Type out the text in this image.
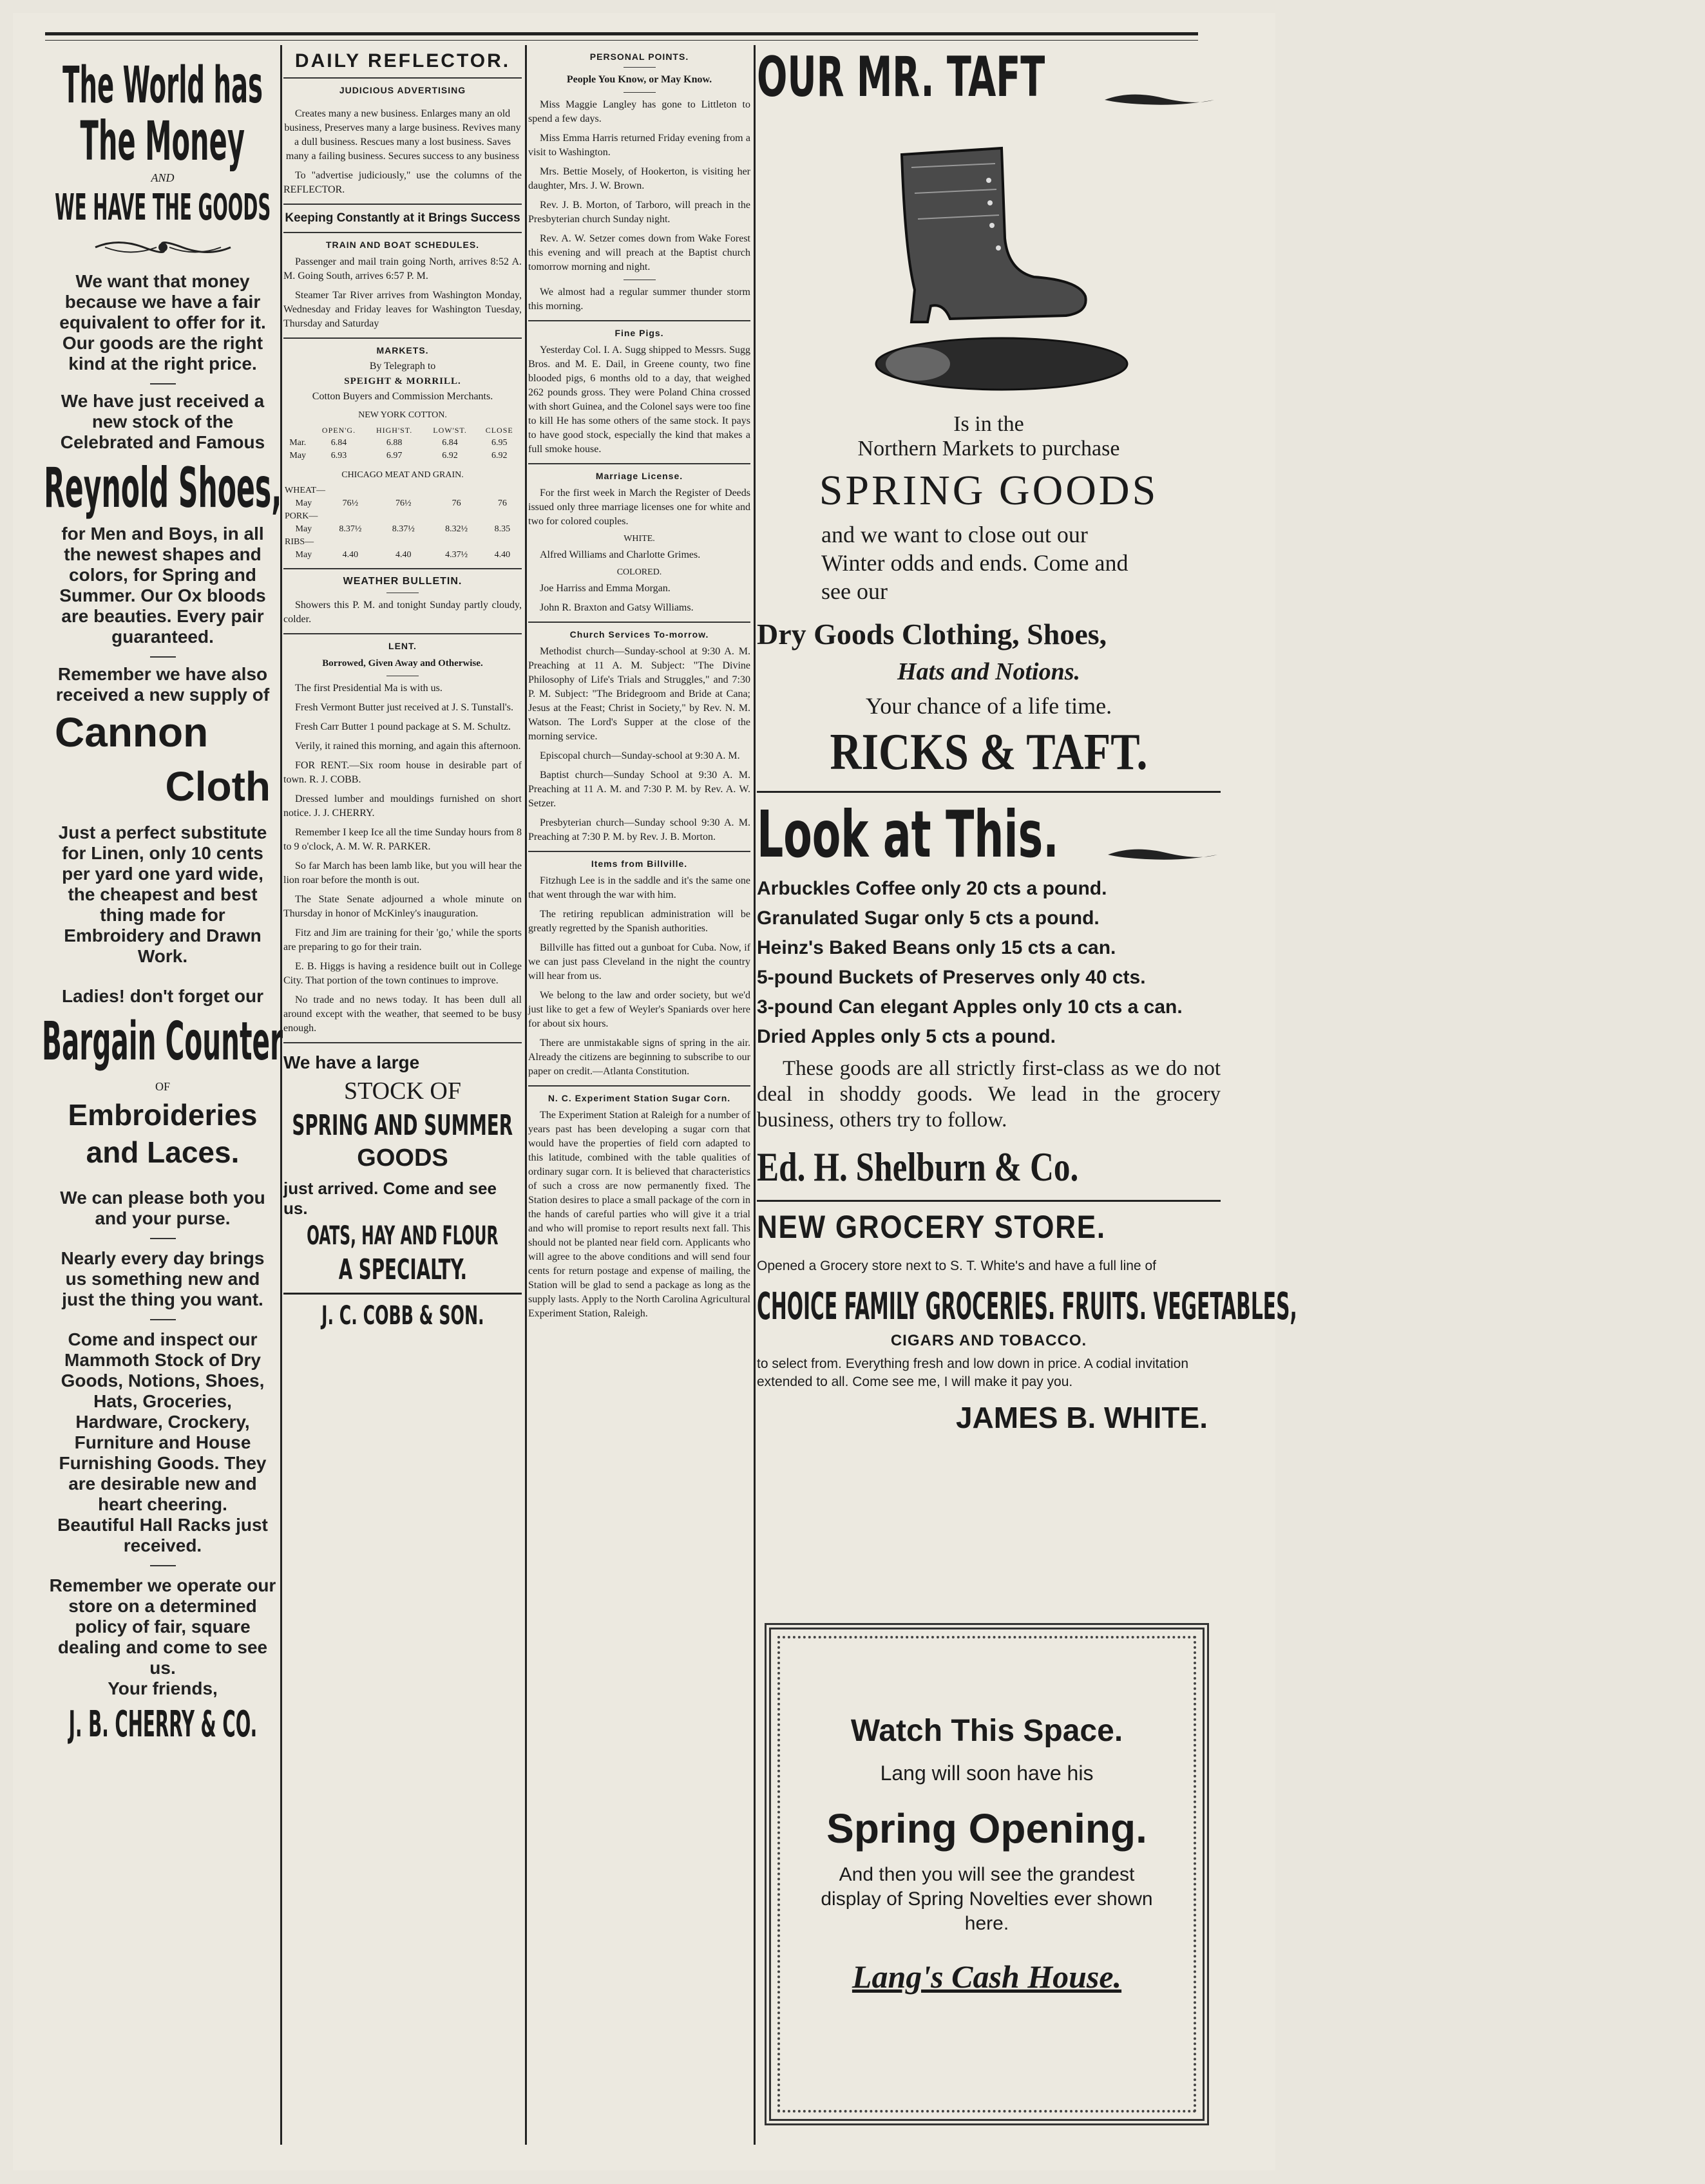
The World has
The Money

AND
WE HAVE THE GOODS

We want that money because we have a fair equivalent to offer for it. Our goods are the right kind at the right price.

We have just received a new stock of the Celebrated and Famous

Reynold Shoes,

for Men and Boys, in all the newest shapes and colors, for Spring and Summer. Our Ox bloods are beauties. Every pair guaranteed.

Remember we have also received a new supply of

Cannon
Cloth

Just a perfect substitute for Linen, only 10 cents per yard one yard wide, the cheapest and best thing made for Embroidery and Drawn Work.

Ladies! don't forget our

Bargain Counter
OF
Embroideries
and Laces.

We can please both you and your purse.

Nearly every day brings us something new and just the thing you want.

Come and inspect our Mammoth Stock of Dry Goods, Notions, Shoes, Hats, Groceries, Hardware, Crockery, Furniture and House Furnishing Goods. They are desirable new and heart cheering.

Beautiful Hall Racks just received.

Remember we operate our store on a determined policy of fair, square dealing and come to see us.

Your friends,

J. B. CHERRY & CO.
DAILY REFLECTOR.
JUDICIOUS ADVERTISING
Creates many a new business. Enlarges many an old business, Preserves many a large business. Revives many a dull business. Rescues many a lost business. Saves many a failing business. Secures success to any business
To "advertise judiciously," use the columns of the REFLECTOR.
Keeping Constantly at it Brings Success
TRAIN AND BOAT SCHEDULES.
Passenger and mail train going North, arrives 8:52 A. M. Going South, arrives 6:57 P. M.
Steamer Tar River arrives from Washington Monday, Wednesday and Friday leaves for Washington Tuesday, Thursday and Saturday
MARKETS.
By Telegraph to
SPEIGHT & MORRILL.
Cotton Buyers and Commission Merchants.
NEW YORK COTTON.
	OPEN'G.	HIGH'ST.	LOW'ST.	CLOSE
Mar.	6.84	6.88	6.84	6.95
May	6.93	6.97	6.92	6.92
CHICAGO MEAT AND GRAIN.
WHEAT—				
May	76½	76½	76	76
PORK—				
May	8.37½	8.37½	8.32½	8.35
RIBS—				
May	4.40	4.40	4.37½	4.40
WEATHER BULLETIN.
Showers this P. M. and tonight Sunday partly cloudy, colder.
LENT.
Borrowed, Given Away and Otherwise.
The first Presidential Ma is with us.
Fresh Vermont Butter just received at J. S. Tunstall's.
Fresh Carr Butter 1 pound package at S. M. Schultz.
Verily, it rained this morning, and again this afternoon.
FOR RENT.—Six room house in desirable part of town. R. J. COBB.
Dressed lumber and mouldings furnished on short notice. J. J. CHERRY.
Remember I keep Ice all the time Sunday hours from 8 to 9 o'clock, A. M. W. R. PARKER.
So far March has been lamb like, but you will hear the lion roar before the month is out.
The State Senate adjourned a whole minute on Thursday in honor of McKinley's inauguration.
Fitz and Jim are training for their 'go,' while the sports are preparing to go for their train.
E. B. Higgs is having a residence built out in College City. That portion of the town continues to improve.
No trade and no news today. It has been dull all around except with the weather, that seemed to be busy enough.
We have a large
STOCK OF
SPRING AND SUMMER

GOODS
just arrived. Come and see us.
OATS, HAY AND FLOUR
A SPECIALTY.

J. C. COBB & SON.
PERSONAL POINTS.
People You Know, or May Know.
Miss Maggie Langley has gone to Littleton to spend a few days.
Miss Emma Harris returned Friday evening from a visit to Washington.
Mrs. Bettie Mosely, of Hookerton, is visiting her daughter, Mrs. J. W. Brown.
Rev. J. B. Morton, of Tarboro, will preach in the Presbyterian church Sunday night.
Rev. A. W. Setzer comes down from Wake Forest this evening and will preach at the Baptist church tomorrow morning and night.
We almost had a regular summer thunder storm this morning.
Fine Pigs.
Yesterday Col. I. A. Sugg shipped to Messrs. Sugg Bros. and M. E. Dail, in Greene county, two fine blooded pigs, 6 months old to a day, that weighed 262 pounds gross. They were Poland China crossed with short Guinea, and the Colonel says were too fine to kill He has some others of the same stock. It pays to have good stock, especially the kind that makes a full smoke house.
Marriage License.
For the first week in March the Register of Deeds issued only three marriage licenses one for white and two for colored couples.
WHITE.
Alfred Williams and Charlotte Grimes.
COLORED.
Joe Harriss and Emma Morgan.
John R. Braxton and Gatsy Williams.
Church Services To-morrow.
Methodist church—Sunday-school at 9:30 A. M. Preaching at 11 A. M. Subject: "The Divine Philosophy of Life's Trials and Struggles," and 7:30 P. M. Subject: "The Bridegroom and Bride at Cana; Jesus at the Feast; Christ in Society," by Rev. N. M. Watson. The Lord's Supper at the close of the morning service.
Episcopal church—Sunday-school at 9:30 A. M.
Baptist church—Sunday School at 9:30 A. M. Preaching at 11 A. M. and 7:30 P. M. by Rev. A. W. Setzer.
Presbyterian church—Sunday school 9:30 A. M. Preaching at 7:30 P. M. by Rev. J. B. Morton.
Items from Billville.
Fitzhugh Lee is in the saddle and it's the same one that went through the war with him.
The retiring republican administration will be greatly regretted by the Spanish authorities.
Billville has fitted out a gunboat for Cuba. Now, if we can just pass Cleveland in the night the country will hear from us.
We belong to the law and order society, but we'd just like to get a few of Weyler's Spaniards over here for about six hours.
There are unmistakable signs of spring in the air. Already the citizens are beginning to subscribe to our paper on credit.—Atlanta Constitution.
N. C. Experiment Station Sugar Corn.
The Experiment Station at Raleigh for a number of years past has been developing a sugar corn that would have the properties of field corn adapted to this latitude, combined with the table qualities of ordinary sugar corn. It is believed that characteristics of such a cross are now permanently fixed. The Station desires to place a small package of the corn in the hands of careful parties who will give it a trial and who will promise to report results next fall. This should not be planted near field corn. Applicants who will agree to the above conditions and will send four cents for return postage and expense of mailing, the Station will be glad to send a package as long as the supply lasts. Apply to the North Carolina Agricultural Experiment Station, Raleigh.
OUR MR. TAFT

Is in the

Northern Markets to purchase

SPRING GOODS

and we want to close out our Winter odds and ends. Come and see our

Dry Goods Clothing, Shoes,

Hats and Notions.

Your chance of a life time.

RICKS & TAFT.

Look at This.

Arbuckles Coffee only 20 cts a pound.

Granulated Sugar only 5 cts a pound.

Heinz's Baked Beans only 15 cts a can.

5-pound Buckets of Preserves only 40 cts.

3-pound Can elegant Apples only 10 cts a can.

Dried Apples only 5 cts a pound.

These goods are all strictly first-class as we do not deal in shoddy goods. We lead in the grocery business, others try to follow.

Ed. H. Shelburn & Co.

NEW GROCERY STORE.

Opened a Grocery store next to S. T. White's and have a full line of

CHOICE FAMILY GROCERIES. FRUITS. VEGETABLES,

CIGARS AND TOBACCO.

to select from. Everything fresh and low down in price. A codial invitation extended to all. Come see me, I will make it pay you.

JAMES B. WHITE.

Watch This Space.

Lang will soon have his

Spring Opening.

And then you will see the grandest display of Spring Novelties ever shown here.

Lang's Cash House.
